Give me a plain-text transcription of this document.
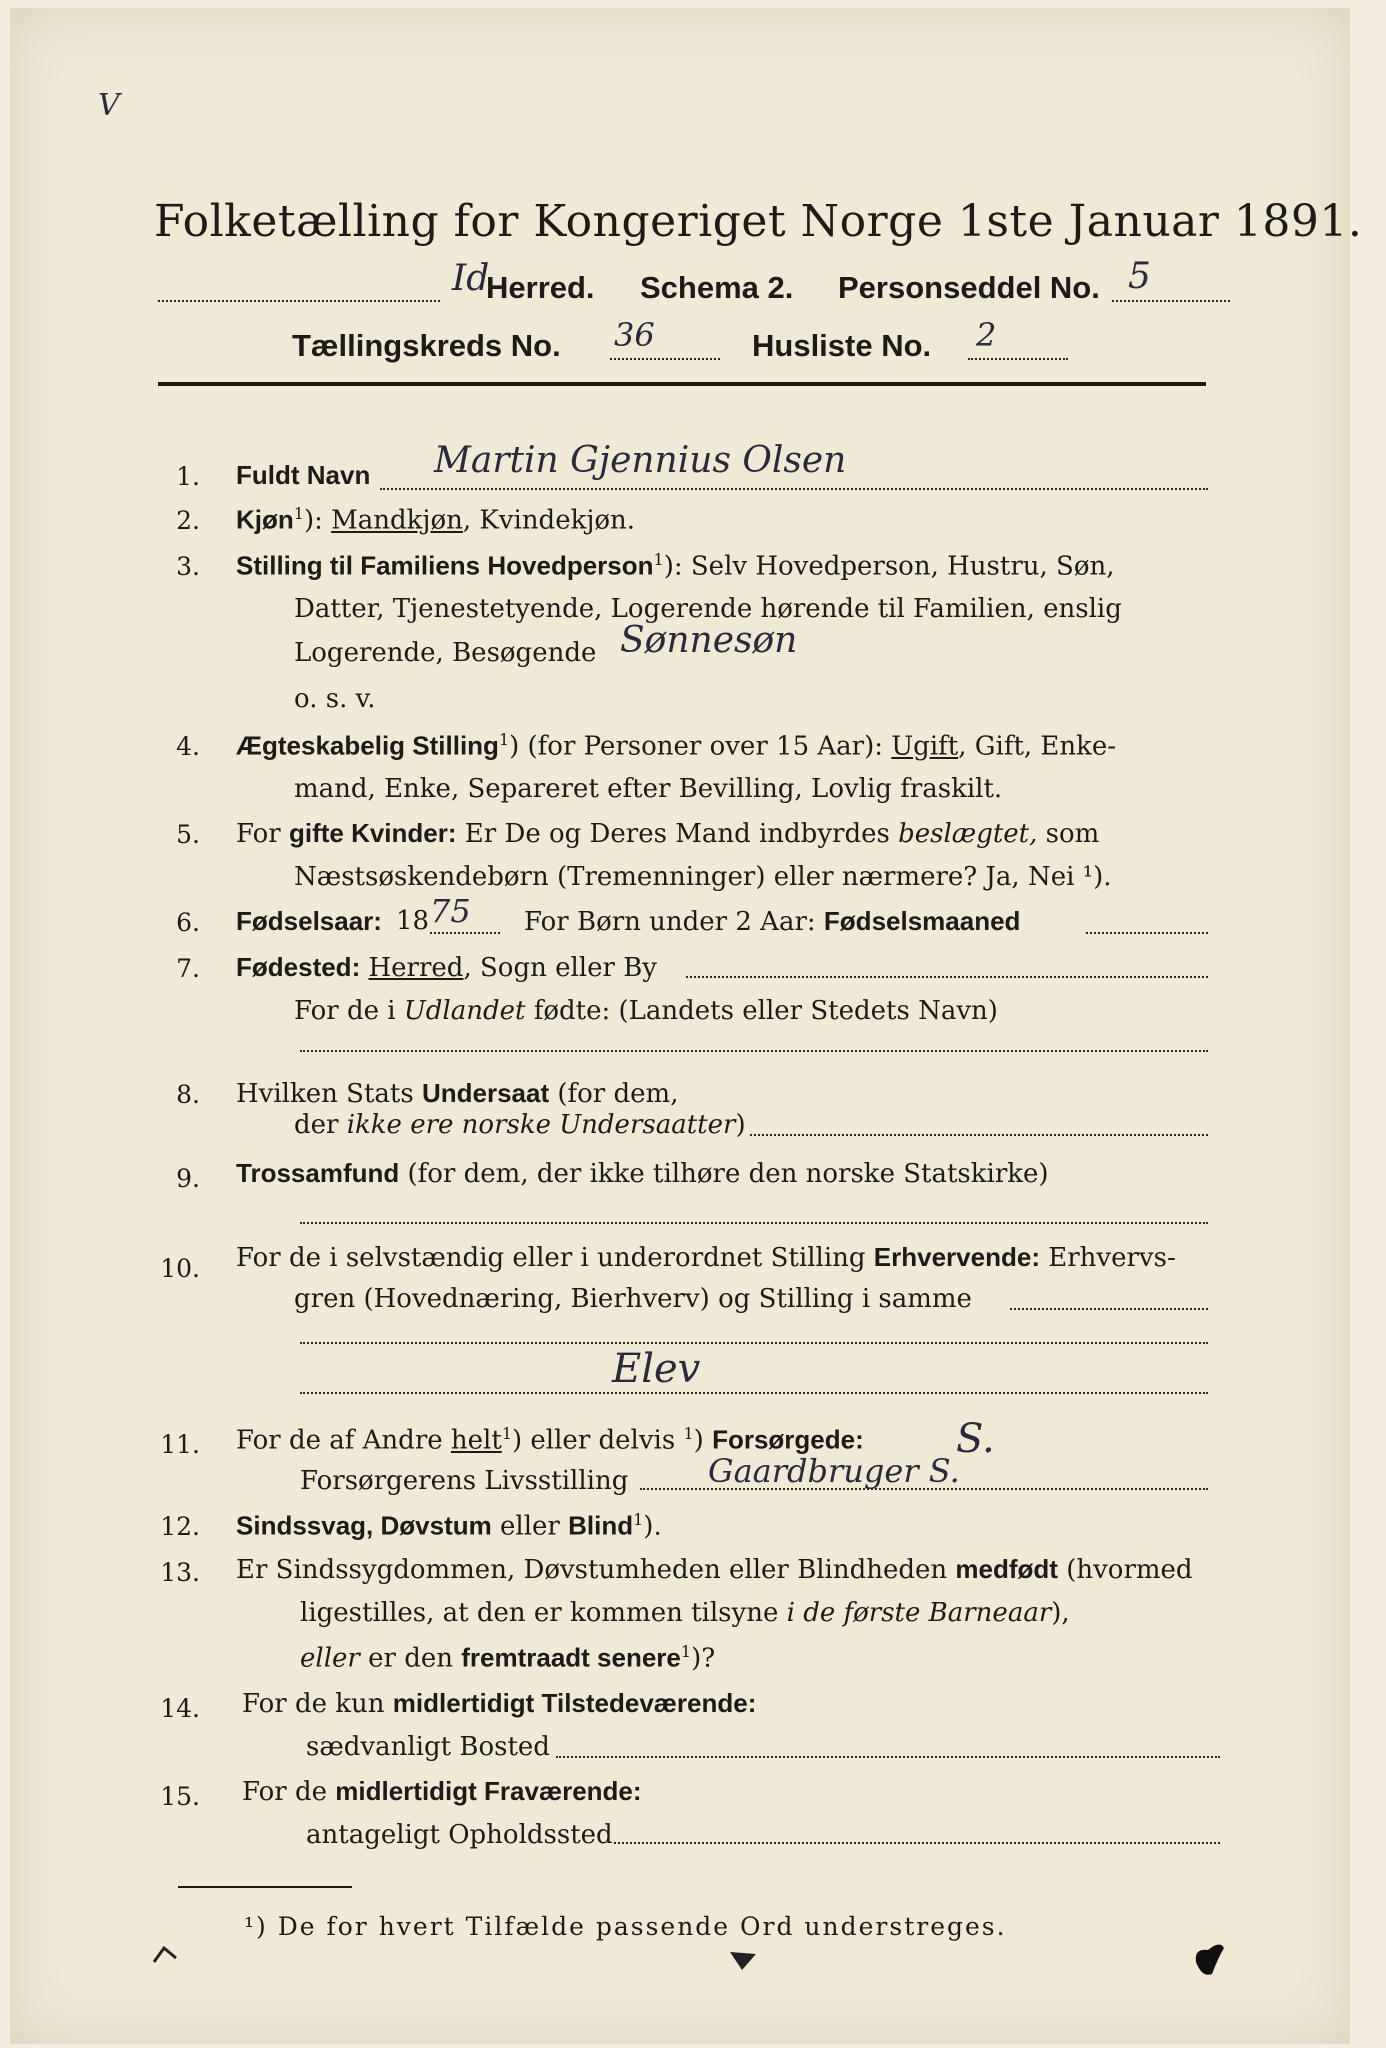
V
Folketælling for Kongeriget Norge 1ste Januar 1891.
Id
Herred. Schema 2. Personseddel No. 5
Tællingskreds No. 36	Husliste No. 2
1. Fuldt Navn Martin Gjennius Olsen
2. Kjøn$^1$): Mandkjøn, Kvindekjøn.
3. Stilling til Familiens Hovedperson$^1$): Selv Hovedperson, Hustru, Søn,
Datter, Tjenestetyende, Logerende hørende til Familien, enslig
Logerende, Besøgende Sønnesøn
o. s. v.
4. Ægteskabelig Stilling$^1$) (for Personer over 15 Aar): Ugift, Gift, Enke-
mand, Enke, Separeret efter Bevilling, Lovlig fraskilt.
5. For gifte Kvinder: Er De og Deres Mand indbyrdes beslægtet, som
Næstsøskendebørn (Tremenninger) eller nærmere? Ja, Nei ¹).
6. Fødselsaar: 18 75 For Børn under 2 Aar: Fødselsmaaned
7. Fødested: Herred, Sogn eller By
For de i Udlandet fødte: (Landets eller Stedets Navn)
8. Hvilken Stats Undersaat (for dem,
der ikke ere norske Undersaatter)
9. Trossamfund (for dem, der ikke tilhøre den norske Statskirke)
10. For de i selvstændig eller i underordnet Stilling Erhvervende: Erhvervs-
gren (Hovednæring, Bierhverv) og Stilling i samme
Elev
11. For de af Andre helt$^1$) eller delvis $^1$) Forsørgede: S.
Forsørgerens Livsstilling Gaardbruger S.
12. Sindssvag, Døvstum eller Blind$^1$).
13. Er Sindssygdommen, Døvstumheden eller Blindheden medfødt (hvormed
ligestilles, at den er kommen tilsyne i de første Barneaar),
eller er den fremtraadt senere$^1$)?
14. For de kun midlertidigt Tilstedeværende:
sædvanligt Bosted
15. For de midlertidigt Fraværende:
antageligt Opholdssted
¹) De for hvert Tilfælde passende Ord understreges.
